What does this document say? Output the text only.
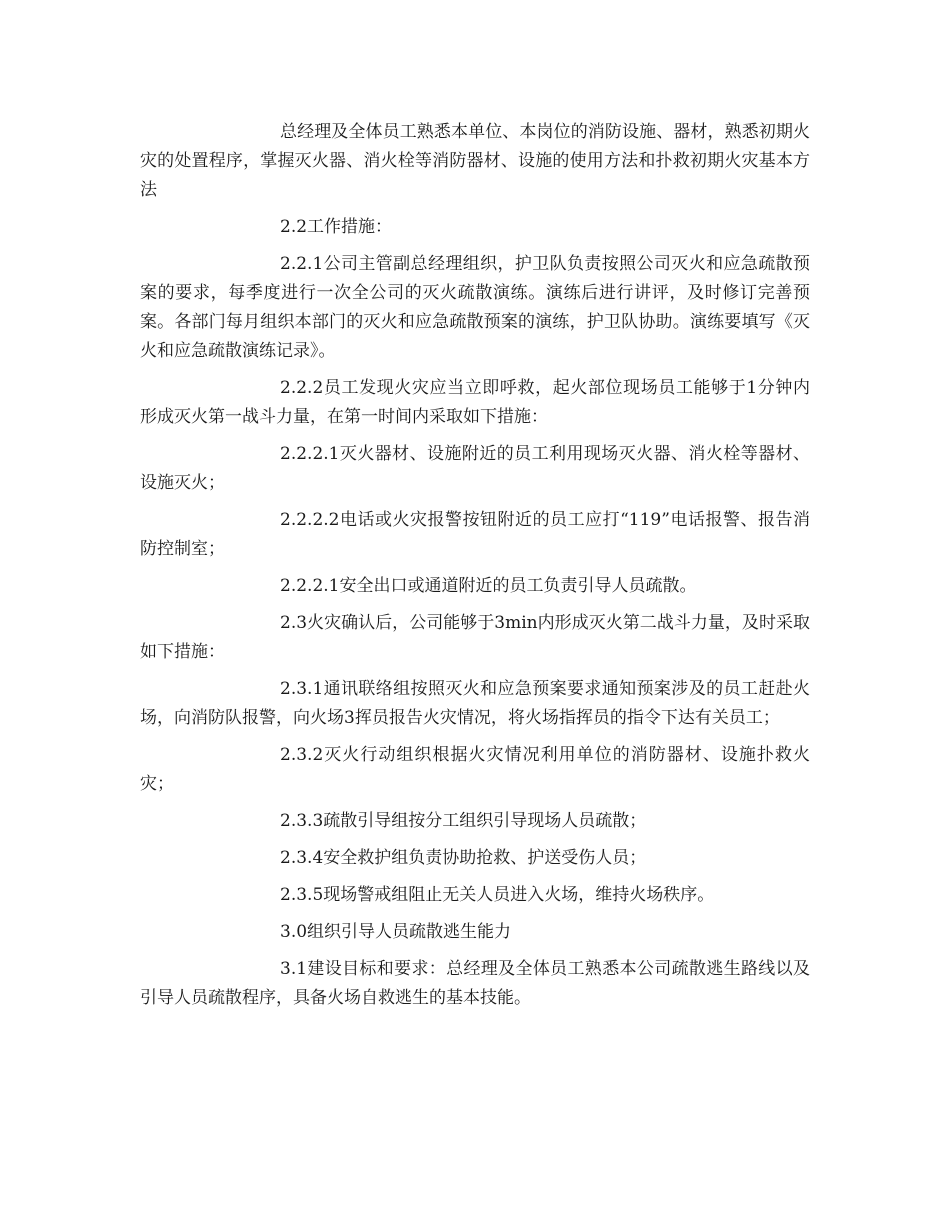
总经理及全体员工熟悉本单位、本岗位的消防设施、器材，熟悉初期火灾的处置程序，掌握灭火器、消火栓等消防器材、设施的使用方法和扑救初期火灾基本方法

2.2工作措施：

2.2.1公司主管副总经理组织，护卫队负责按照公司灭火和应急疏散预案的要求，每季度进行一次全公司的灭火疏散演练。演练后进行讲评，及时修订完善预案。各部门每月组织本部门的灭火和应急疏散预案的演练，护卫队协助。演练要填写《灭火和应急疏散演练记录》。

2.2.2员工发现火灾应当立即呼救，起火部位现场员工能够于1分钟内形成灭火第一战斗力量，在第一时间内采取如下措施：

2.2.2.1灭火器材、设施附近的员工利用现场灭火器、消火栓等器材、设施灭火；

2.2.2.2电话或火灾报警按钮附近的员工应打“119”电话报警、报告消防控制室；

2.2.2.1安全出口或通道附近的员工负责引导人员疏散。

2.3火灾确认后，公司能够于3min内形成灭火第二战斗力量，及时采取如下措施：

2.3.1通讯联络组按照灭火和应急预案要求通知预案涉及的员工赶赴火场，向消防队报警，向火场3挥员报告火灾情况，将火场指挥员的指令下达有关员工；

2.3.2灭火行动组织根据火灾情况利用单位的消防器材、设施扑救火灾；

2.3.3疏散引导组按分工组织引导现场人员疏散；

2.3.4安全救护组负责协助抢救、护送受伤人员；

2.3.5现场警戒组阻止无关人员进入火场，维持火场秩序。

3.0组织引导人员疏散逃生能力

3.1建设目标和要求：总经理及全体员工熟悉本公司疏散逃生路线以及引导人员疏散程序，具备火场自救逃生的基本技能。
